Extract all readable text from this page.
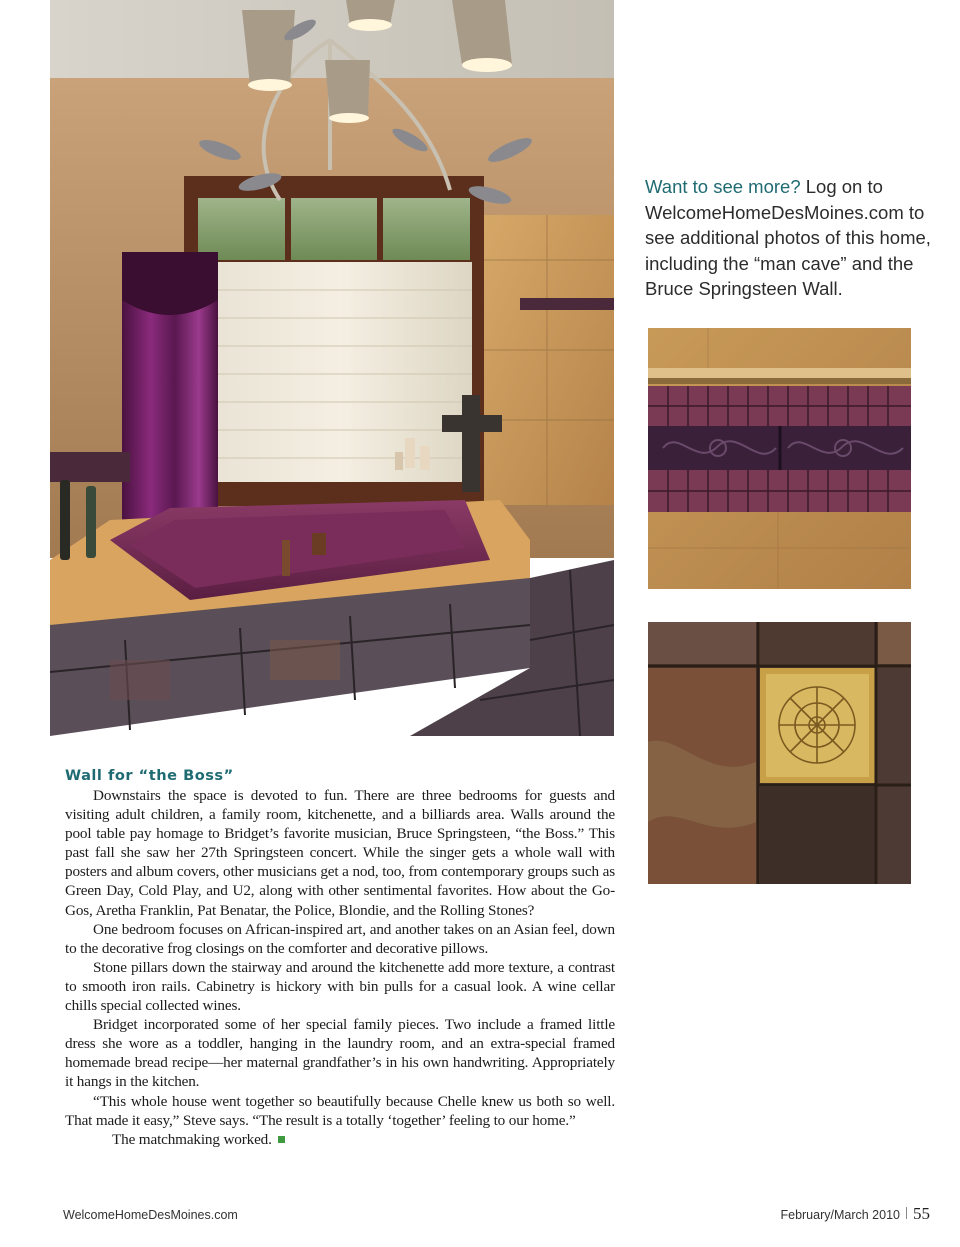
Want to see more? Log on to WelcomeHomeDesMoines.com to see additional photos of this home, including the “man cave” and the Bruce Springsteen Wall.
Wall for “the Boss”

Downstairs the space is devoted to fun. There are three bedrooms for guests and visiting adult children, a family room, kitchenette, and a billiards area. Walls around the pool table pay homage to Bridget’s favorite musician, Bruce Springsteen, “the Boss.” This past fall she saw her 27th Springsteen concert. While the singer gets a whole wall with posters and album covers, other musicians get a nod, too, from contemporary groups such as Green Day, Cold Play, and U2, along with other sentimental favorites. How about the Go-Gos, Aretha Franklin, Pat Benatar, the Police, Blondie, and the Rolling Stones?

One bedroom focuses on African-inspired art, and another takes on an Asian feel, down to the decorative frog closings on the comforter and decorative pillows.

Stone pillars down the stairway and around the kitchenette add more texture, a contrast to smooth iron rails. Cabinetry is hickory with bin pulls for a casual look. A wine cellar chills special collected wines.

Bridget incorporated some of her special family pieces. Two include a framed little dress she wore as a toddler, hanging in the laundry room, and an extra-special framed homemade bread recipe—her maternal grandfather’s in his own handwriting. Appropriately it hangs in the kitchen.

“This whole house went together so beautifully because Chelle knew us both so well. That made it easy,” Steve says. “The result is a totally ‘together’ feeling to our home.”

The matchmaking worked.

WelcomeHomeDesMoines.com	February/March 2010 55
